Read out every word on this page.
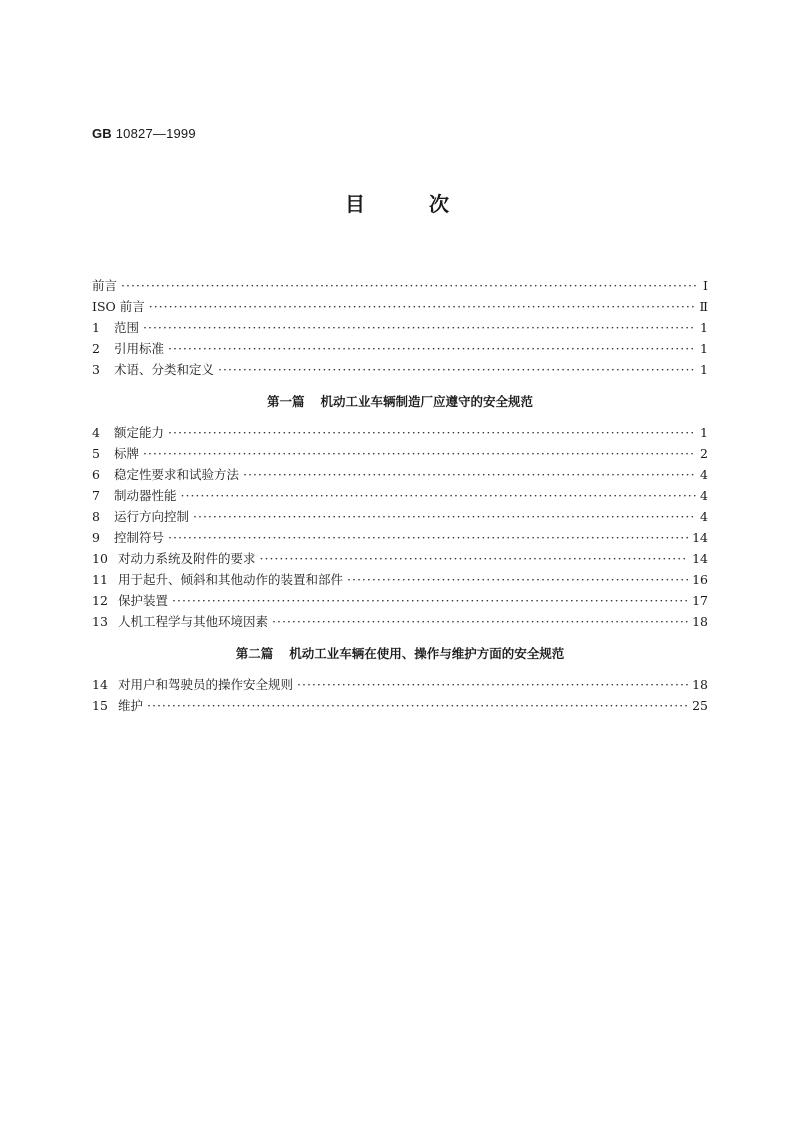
GB 10827—1999
目	次
前言 ·····	Ⅰ
ISO 前言 ·····	Ⅱ
1 范围 ·····	1
2 引用标准 ·····	1
3 术语、分类和定义 ·····	1
第一篇 机动工业车辆制造厂应遵守的安全规范
4 额定能力 ·····	1
5 标牌 ·····	2
6 稳定性要求和试验方法 ·····	4
7 制动器性能 ·····	4
8 运行方向控制 ·····	4
9 控制符号 ·····	14
10 对动力系统及附件的要求 ·····	14
11 用于起升、倾斜和其他动作的装置和部件 ·····	16
12 保护装置 ·····	17
13 人机工程学与其他环境因素 ·····	18
第二篇 机动工业车辆在使用、操作与维护方面的安全规范
14 对用户和驾驶员的操作安全规则 ·····	18
15 维护 ·····	25
